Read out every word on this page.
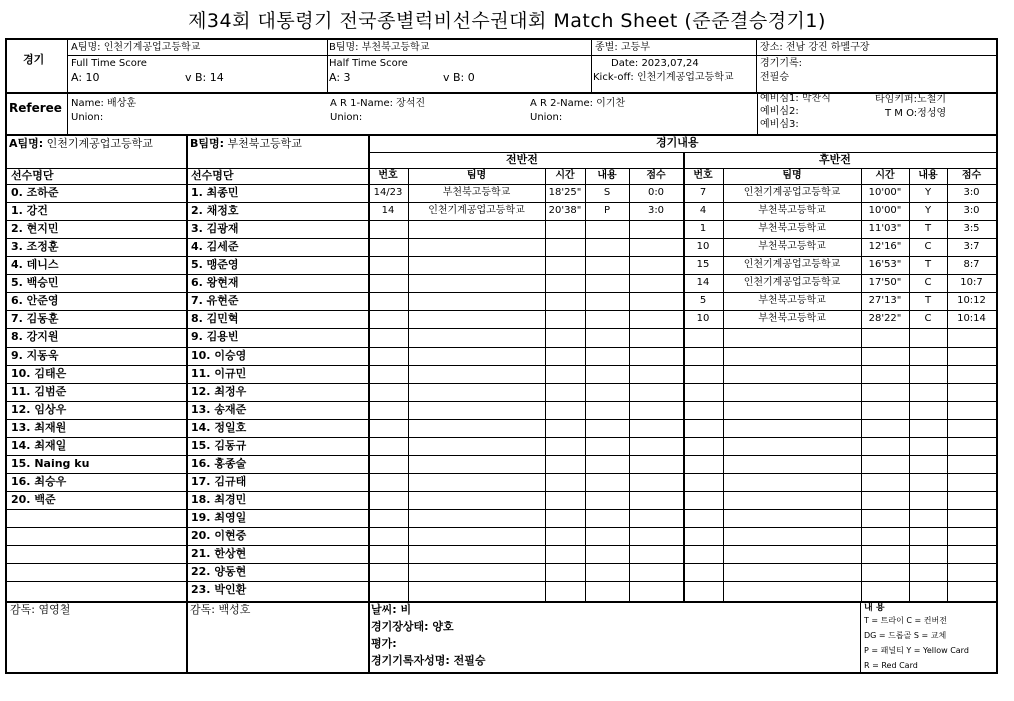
제34회 대통령기 전국종별럭비선수권대회 Match Sheet (준준결승경기1)
경기
A팀명: 인천기계공업고등학교	B팀명: 부천북고등학교	종별: 고등부	장소: 전남 강진 하멜구장
Full Time Score
A: 10	v B: 14
Half Time Score
A: 3	v B: 0
Date: 2023,07,24
Kick-off: 인천기계공업고등학교
경기기록:
전필승
Referee Name: 배상훈
Union:
A R 1-Name: 장석진
Union:
A R 2-Name: 이기찬
Union:
예비심1: 박찬식
예비심2:
예비심3:
타임키퍼:노철기
T M O:정성영
A팀명: 인천기계공업고등학교	B팀명: 부천북고등학교
선수명단	선수명단
경기내용
전반전	후반전
번호	팀명	시간	내용	점수	번호	팀명	시간	내용	점수
14/23	부천북고등학교	18'25"	S	0:0
14	인천기계공업고등학교	20'38"	P	3:0
7	인천기계공업고등학교	10'00"	Y	3:0
4	부천북고등학교	10'00"	Y	3:0
1	부천북고등학교	11'03"	T	3:5
10	부천북고등학교	12'16"	C	3:7
15	인천기계공업고등학교	16'53"	T	8:7
14	인천기계공업고등학교	17'50"	C	10:7
5	부천북고등학교	27'13"	T	10:12
10	부천북고등학교	28'22"	C	10:14
0. 조하준
1. 강건
2. 현지민
3. 조정훈
4. 데니스
5. 백승민
6. 안준영
7. 김동훈
8. 강지원
9. 지동욱
10. 김태은
11. 김범준
12. 임상우
13. 최재원
14. 최재일
15. Naing ku
16. 최승우
20. 백준
1. 최종민
2. 채정호
3. 김광재
4. 김세준
5. 맹준영
6. 왕현재
7. 유현준
8. 김민혁
9. 김용빈
10. 이승영
11. 이규민
12. 최정우
13. 송재준
14. 정일호
15. 김동규
16. 홍종술
17. 김규태
18. 최경민
19. 최영일
20. 이현중
21. 한상현
22. 양동현
23. 박인환
감독: 염영철	감독: 백성호	날씨: 비
경기장상태: 양호
평가:
경기기록자성명: 전필승
내 용
T = 트라이 C = 컨버전
DG = 드롭골 S = 교체
P = 패널티 Y = Yellow Card
R = Red Card
